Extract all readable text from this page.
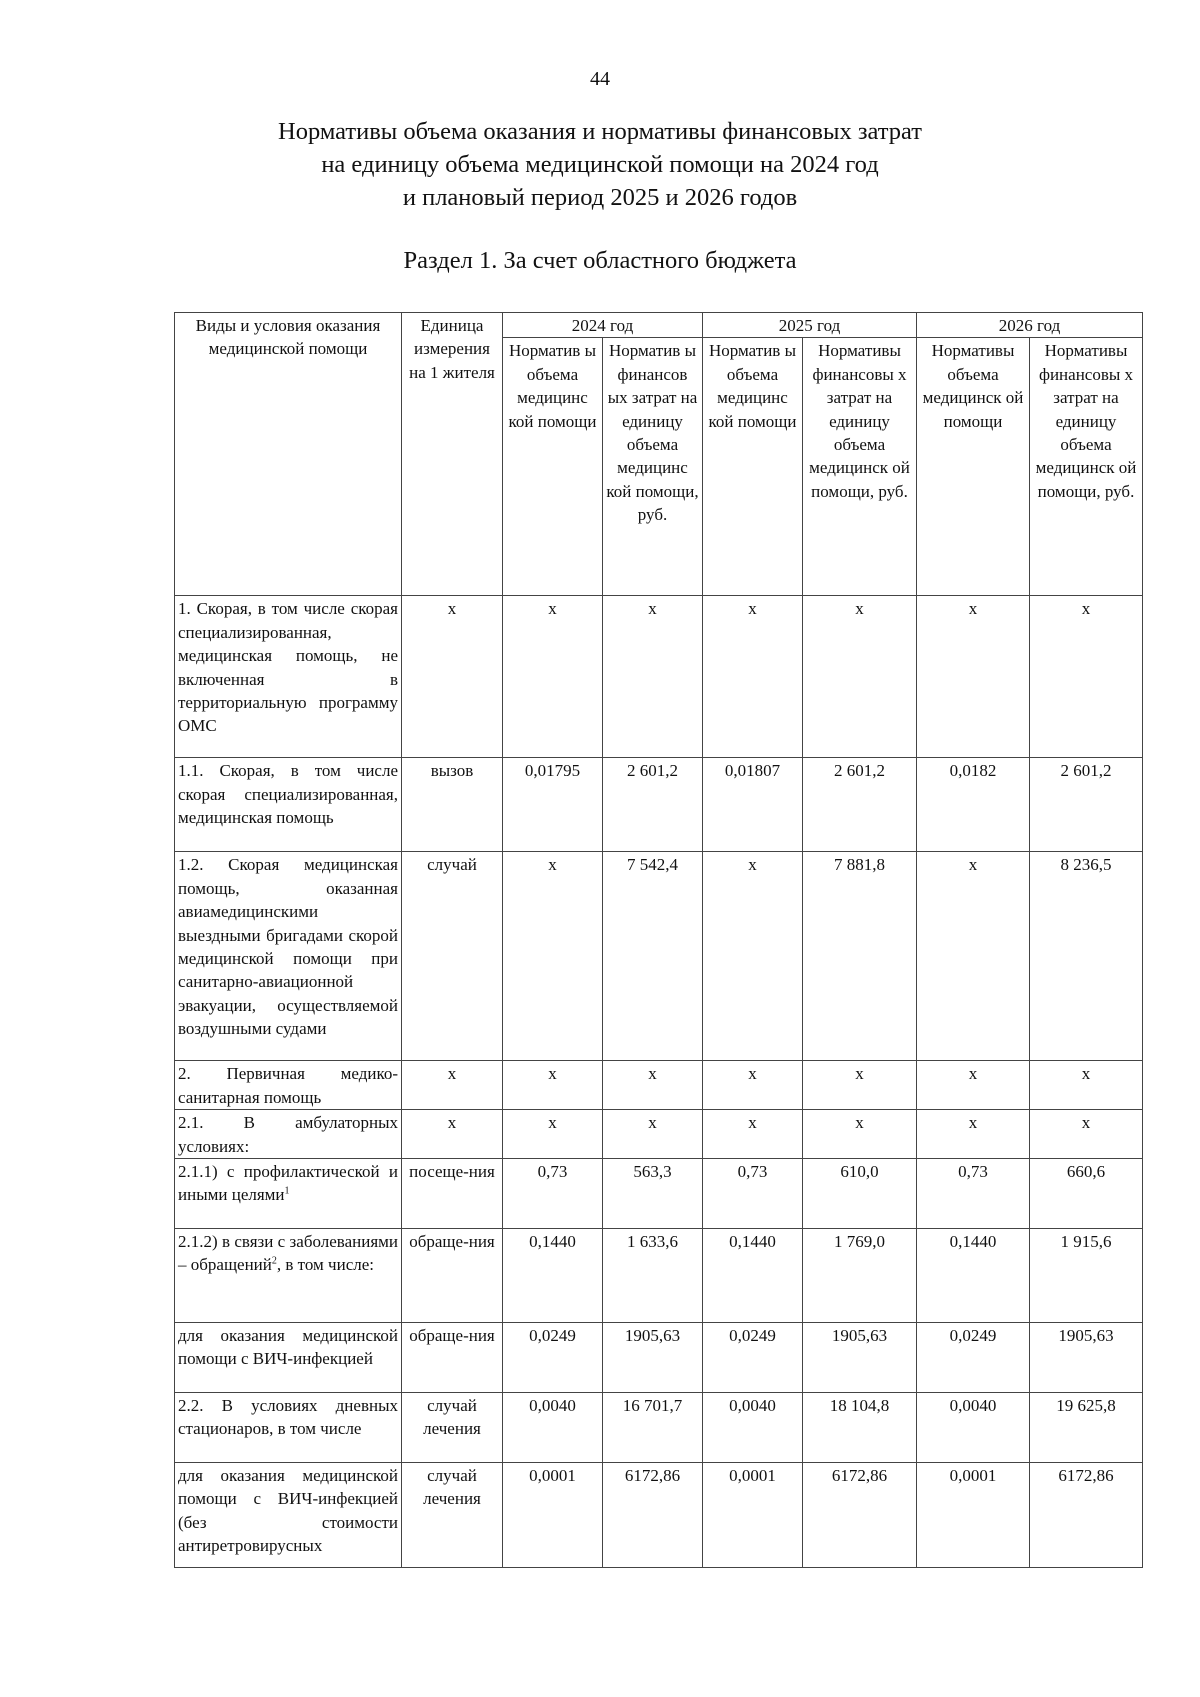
44
Нормативы объема оказания и нормативы финансовых затрат
на единицу объема медицинской помощи на 2024 год
и плановый период 2025 и 2026 годов
Раздел 1. За счет областного бюджета
Виды и условия оказания медицинской помощи	Единица измерения на 1 жителя	2024 год		2025 год		2026 год	
		Норматив ы объема медицинс кой помощи	Норматив ы финансов ых затрат на единицу объема медицинс кой помощи, руб.	Норматив ы объема медицинс кой помощи	Нормативы финансовы х затрат на единицу объема медицинск ой помощи, руб.	Нормативы объема медицинск ой помощи	Нормативы финансовы х затрат на единицу объема медицинск ой помощи, руб.
1. Скорая, в том числе скорая специализированная, медицинская помощь, не включенная в территориальную программу ОМС	х	х	х	х	х	х	х
1.1. Скорая, в том числе скорая специализированная, медицинская помощь	вызов	0,01795	2 601,2	0,01807	2 601,2	0,0182	2 601,2
1.2. Скорая медицинская помощь, оказанная авиамедицинскими выездными бригадами скорой медицинской помощи при санитарно-авиационной эвакуации, осуществляемой воздушными судами	случай	х	7 542,4	х	7 881,8	х	8 236,5
2. Первичная медико-санитарная помощь	х	х	х	х	х	х	х
2.1. В амбулаторных условиях:	х	х	х	х	х	х	х
2.1.1) с профилактической и иными целями$^1$	посеще-ния	0,73	563,3	0,73	610,0	0,73	660,6
2.1.2) в связи с заболеваниями – обращений$^2$, в том числе:	обраще-ния	0,1440	1 633,6	0,1440	1 769,0	0,1440	1 915,6
для оказания медицинской помощи с ВИЧ-инфекцией	обраще-ния	0,0249	1905,63	0,0249	1905,63	0,0249	1905,63
2.2. В условиях дневных стационаров, в том числе	случай лечения	0,0040	16 701,7	0,0040	18 104,8	0,0040	19 625,8
для оказания медицинской помощи с ВИЧ-инфекцией (без стоимости антиретровирусных	случай лечения	0,0001	6172,86	0,0001	6172,86	0,0001	6172,86
